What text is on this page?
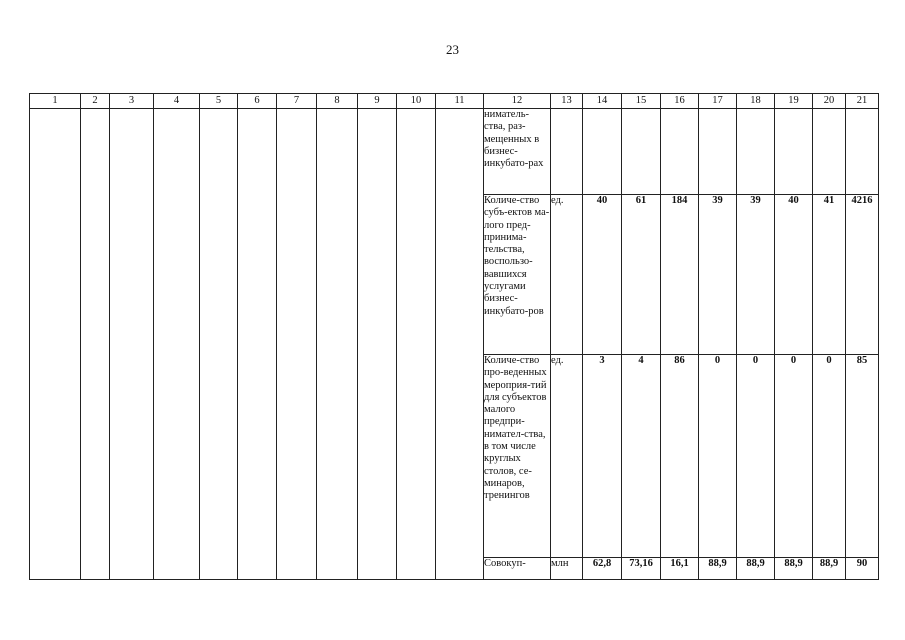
23
1	2	3	4	5	6	7	8	9	10	11	12	13	14	15	16	17	18	19	20	21
											ниматель-ства, раз-мещенных в бизнес-инкубато-рах									
											Количе-ство субъ-ектов ма-лого пред-принима-тельства, воспользо-вавшихся услугами бизнес-инкубато-ров	ед.	40	61	184	39	39	40	41	4216
											Количе-ство про-веденных мероприя-тий для субъектов малого предпри-нимател-ства, в том числе круглых столов, се-минаров, тренингов	ед.	3	4	86	0	0	0	0	85
											Совокуп-	млн	62,8	73,16	16,1	88,9	88,9	88,9	88,9	90
